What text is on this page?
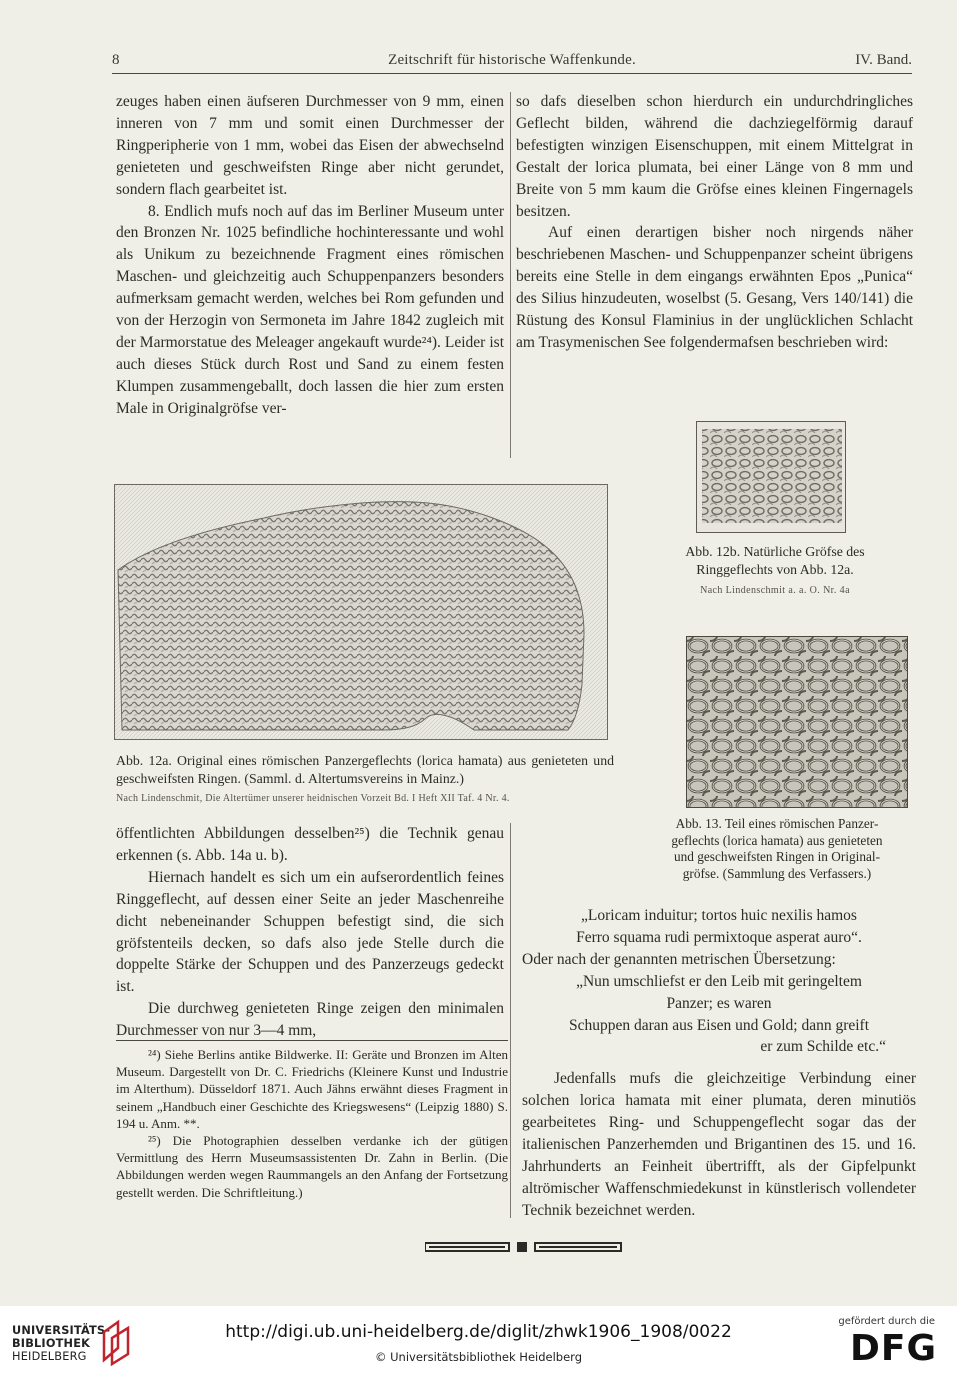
8	Zeitschrift für historische Waffenkunde.	IV. Band.

zeuges haben einen äufseren Durchmesser von 9 mm, einen inneren von 7 mm und somit einen Durchmesser der Ringperipherie von 1 mm, wobei das Eisen der abwechselnd genieteten und geschweifsten Ringe aber nicht gerundet, sondern flach gearbeitet ist.

8. Endlich mufs noch auf das im Berliner Museum unter den Bronzen Nr. 1025 befindliche hochinteressante und wohl als Unikum zu bezeichnende Fragment eines römischen Maschen- und gleichzeitig auch Schuppenpanzers besonders aufmerksam gemacht werden, welches bei Rom gefunden und von der Herzogin von Sermoneta im Jahre 1842 zugleich mit der Marmorstatue des Meleager angekauft wurde²⁴). Leider ist auch dieses Stück durch Rost und Sand zu einem festen Klumpen zusammengeballt, doch lassen die hier zum ersten Male in Originalgröfse ver-

so dafs dieselben schon hierdurch ein undurchdringliches Geflecht bilden, während die dachziegelförmig darauf befestigten winzigen Eisenschuppen, mit einem Mittelgrat in Gestalt der lorica plumata, bei einer Länge von 8 mm und Breite von 5 mm kaum die Gröfse eines kleinen Fingernagels besitzen.

Auf einen derartigen bisher noch nirgends näher beschriebenen Maschen- und Schuppenpanzer scheint übrigens bereits eine Stelle in dem eingangs erwähnten Epos „Punica“ des Silius hinzudeuten, woselbst (5. Gesang, Vers 140/141) die Rüstung des Konsul Flaminius in der unglücklichen Schlacht am Trasymenischen See folgendermafsen beschrieben wird:

Abb. 12a. Original eines römischen Panzergeflechts (lorica hamata) aus genieteten und geschweifsten Ringen. (Samml. d. Altertumsvereins in Mainz.)
Nach Lindenschmit, Die Altertümer unserer heidnischen Vorzeit Bd. I Heft XII Taf. 4 Nr. 4.
Abb. 12b. Natürliche Gröfse des
Ringgeflechts von Abb. 12a.
Nach Lindenschmit a. a. O. Nr. 4a
Abb. 13. Teil eines römischen Panzer-
geflechts (lorica hamata) aus genieteten
und geschweifsten Ringen in Original-
gröfse. (Sammlung des Verfassers.)

öffentlichten Abbildungen desselben²⁵) die Technik genau erkennen (s. Abb. 14a u. b).

Hiernach handelt es sich um ein aufserordentlich feines Ringgeflecht, auf dessen einer Seite an jeder Maschenreihe dicht nebeneinander Schuppen befestigt sind, die sich gröfstenteils decken, so dafs also jede Stelle durch die doppelte Stärke der Schuppen und des Panzerzeugs gedeckt ist.

Die durchweg genieteten Ringe zeigen den minimalen Durchmesser von nur 3—4 mm,

²⁴) Siehe Berlins antike Bildwerke. II: Geräte und Bronzen im Alten Museum. Dargestellt von Dr. C. Friedrichs (Kleinere Kunst und Industrie im Alterthum). Düsseldorf 1871. Auch Jähns erwähnt dieses Fragment in seinem „Handbuch einer Geschichte des Kriegswesens“ (Leipzig 1880) S. 194 u. Anm. **.

²⁵) Die Photographien desselben verdanke ich der gütigen Vermittlung des Herrn Museumsassistenten Dr. Zahn in Berlin. (Die Abbildungen werden wegen Raummangels an den Anfang der Fortsetzung gestellt werden. Die Schriftleitung.)

„Loricam induitur; tortos huic nexilis hamos

Ferro squama rudi permixtoque asperat auro“.

Oder nach der genannten metrischen Übersetzung:

„Nun umschliefst er den Leib mit geringeltem

Panzer; es waren

Schuppen daran aus Eisen und Gold; dann greift

er zum Schilde etc.“

Jedenfalls mufs die gleichzeitige Verbindung einer solchen lorica hamata mit einer plumata, deren minutiös gearbeitetes Ring- und Schuppengeflecht sogar das der italienischen Panzerhemden und Brigantinen des 15. und 16. Jahrhunderts an Feinheit übertrifft, als der Gipfelpunkt altrömischer Waffenschmiedekunst in künstlerisch vollendeter Technik bezeichnet werden.

UNIVERSITÄTS-
BIBLIOTHEK
HEIDELBERG
http://digi.ub.uni-heidelberg.de/diglit/zhwk1906_1908/0022
© Universitätsbibliothek Heidelberg
gefördert durch die
DFG
